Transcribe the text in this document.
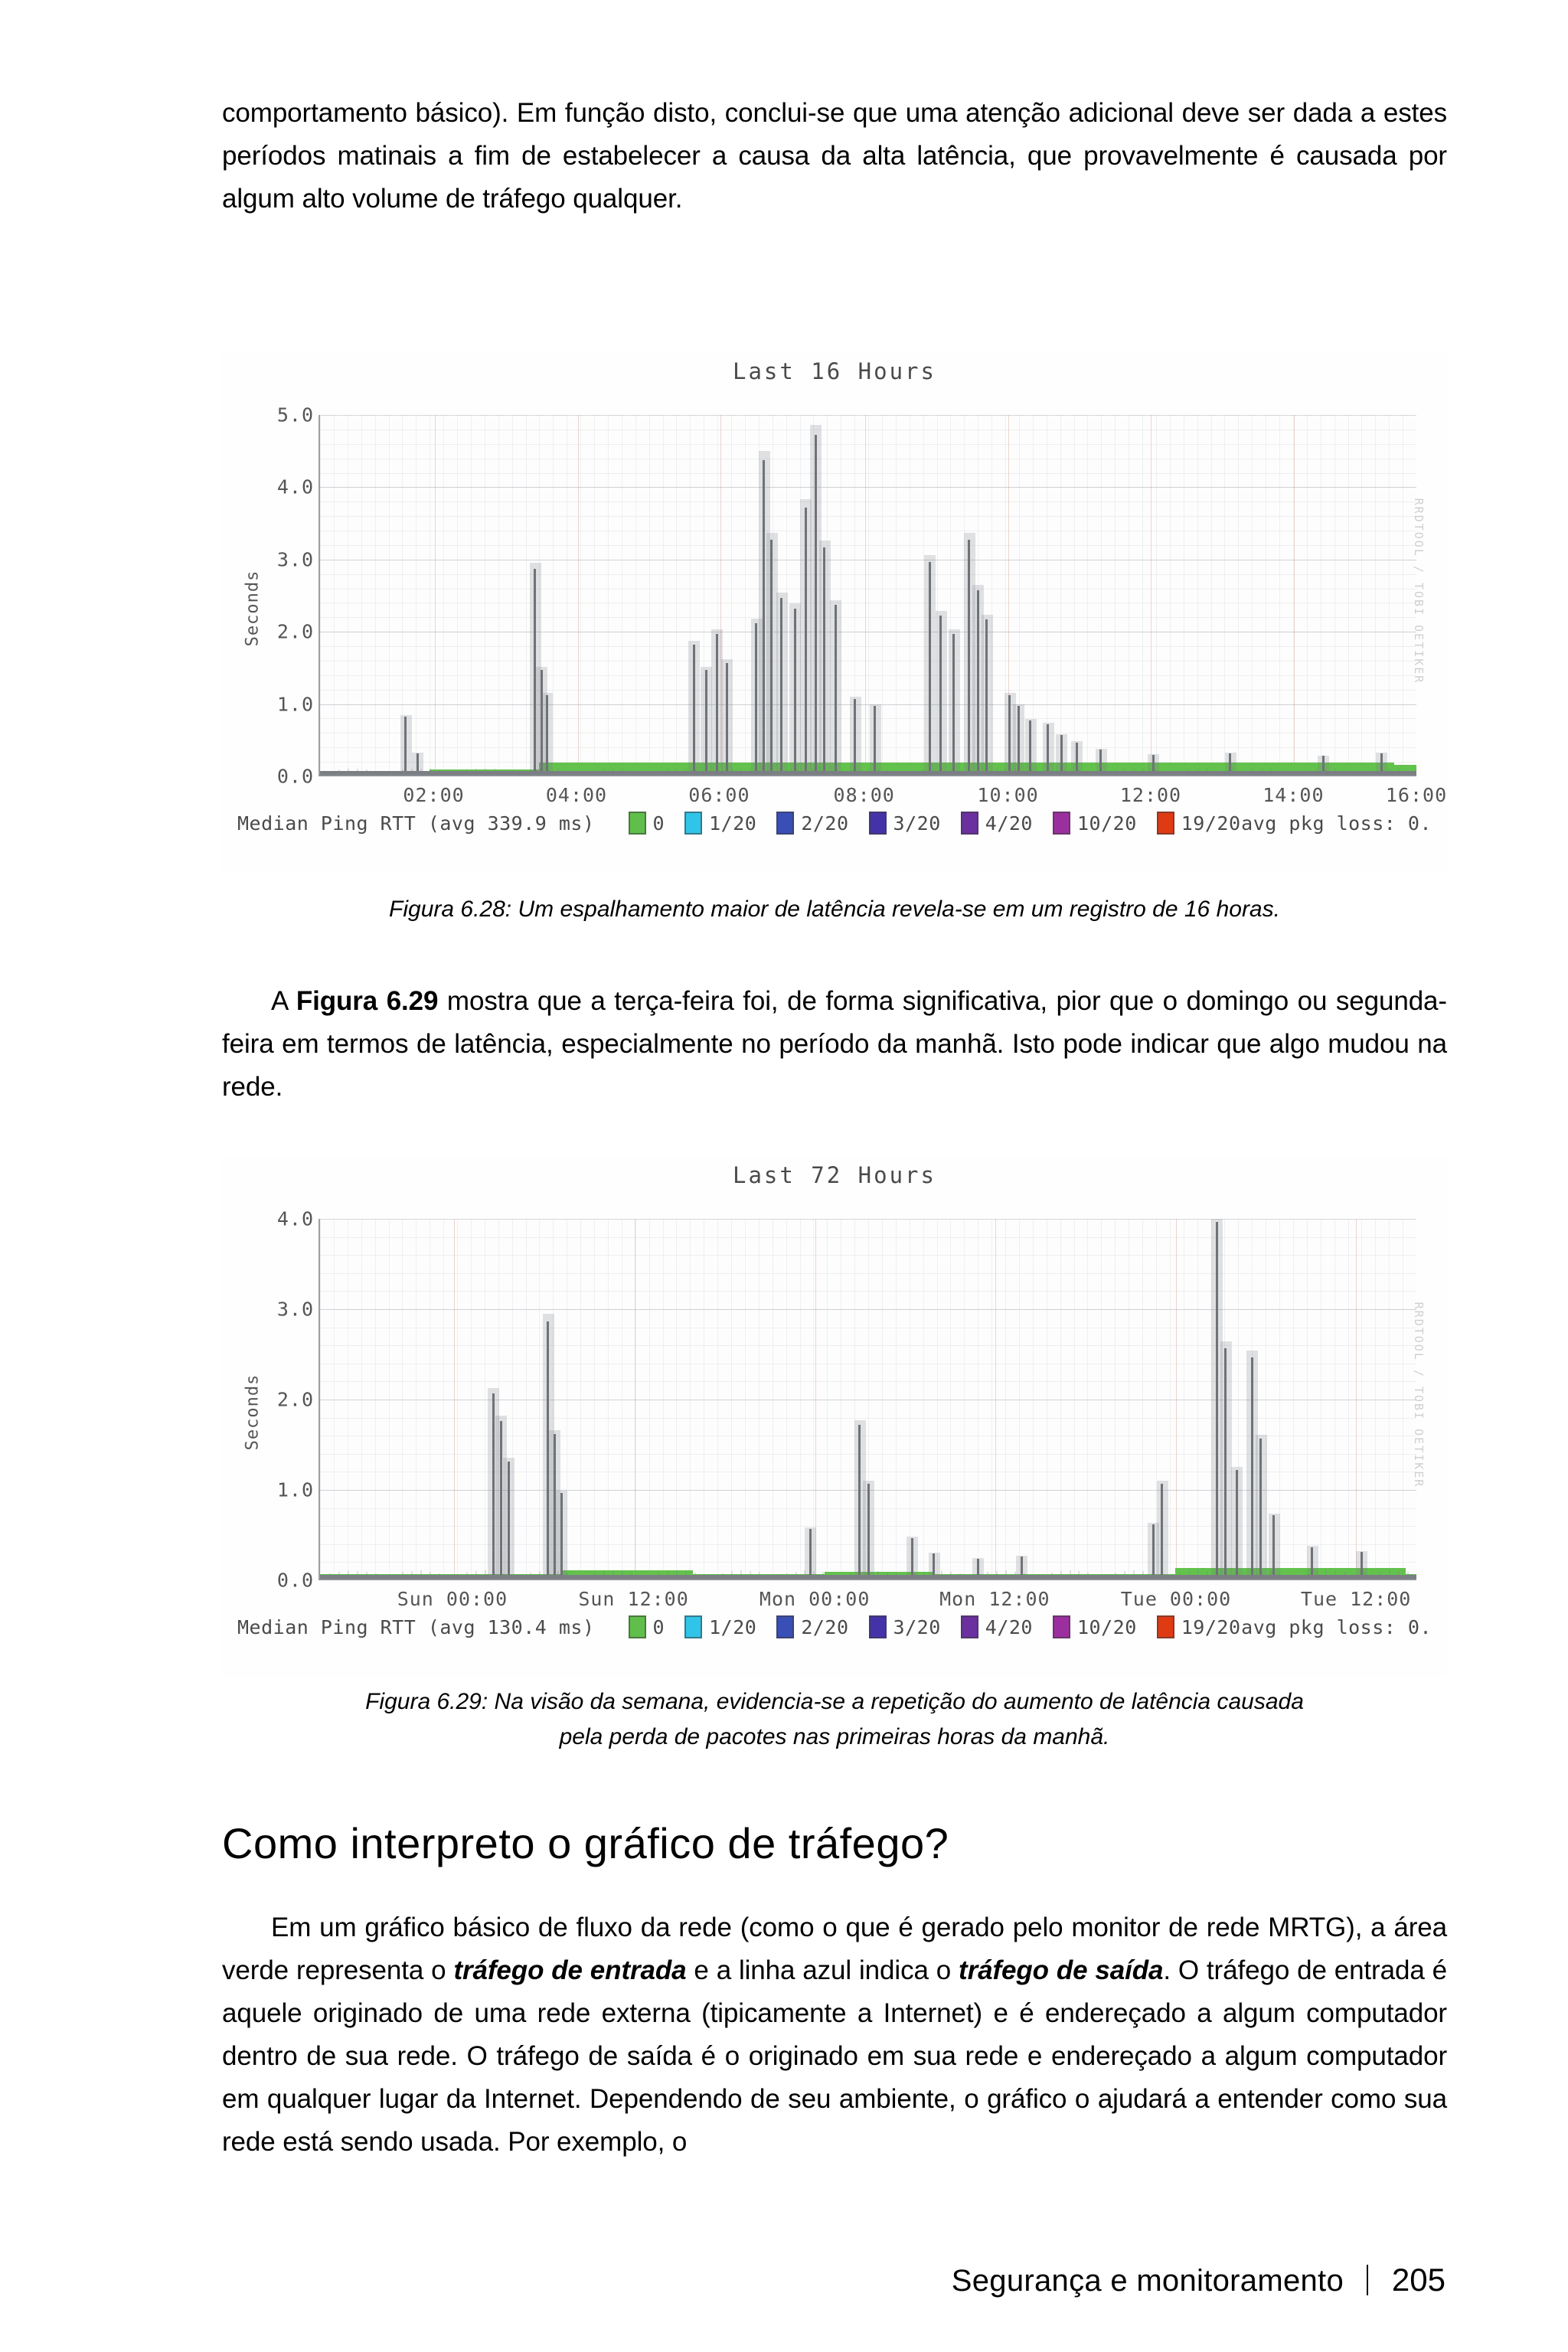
comportamento básico). Em função disto, conclui-se que uma atenção adicional deve ser dada a estes períodos matinais a fim de estabelecer a causa da alta latência, que provavelmente é causada por algum alto volume de tráfego qualquer.

Last 16 Hours
Seconds
5.0
4.0
3.0
2.0
1.0
0.0
02:00	04:00	06:00	08:00	10:00	12:00	14:00	16:00
RRDTOOL / TOBI OETIKER
Median Ping RTT (avg 339.9 ms)	0 1/20 2/20 3/20 4/20 10/20 19/20 avg pkg loss: 0.
Figura 6.28: Um espalhamento maior de latência revela-se em um registro de 16 horas.

A Figura 6.29 mostra que a terça-feira foi, de forma significativa, pior que o domingo ou segunda-feira em termos de latência, especialmente no período da manhã. Isto pode indicar que algo mudou na rede.

Last 72 Hours
Seconds
4.0
3.0
2.0
1.0
0.0
Sun 00:00	Sun 12:00	Mon 00:00	Mon 12:00	Tue 00:00	Tue 12:00
RRDTOOL / TOBI OETIKER
Median Ping RTT (avg 130.4 ms)	0 1/20 2/20 3/20 4/20 10/20 19/20 avg pkg loss: 0.
Figura 6.29: Na visão da semana, evidencia-se a repetição do aumento de latência causada
pela perda de pacotes nas primeiras horas da manhã.
Como interpreto o gráfico de tráfego?

Em um gráfico básico de fluxo da rede (como o que é gerado pelo monitor de rede MRTG), a área verde representa o tráfego de entrada e a linha azul indica o tráfego de saída. O tráfego de entrada é aquele originado de uma rede externa (tipicamente a Internet) e é endereçado a algum computador dentro de sua rede. O tráfego de saída é o originado em sua rede e endereçado a algum computador em qualquer lugar da Internet. Dependendo de seu ambiente, o gráfico o ajudará a entender como sua rede está sendo usada. Por exemplo, o

Segurança e monitoramento 205
